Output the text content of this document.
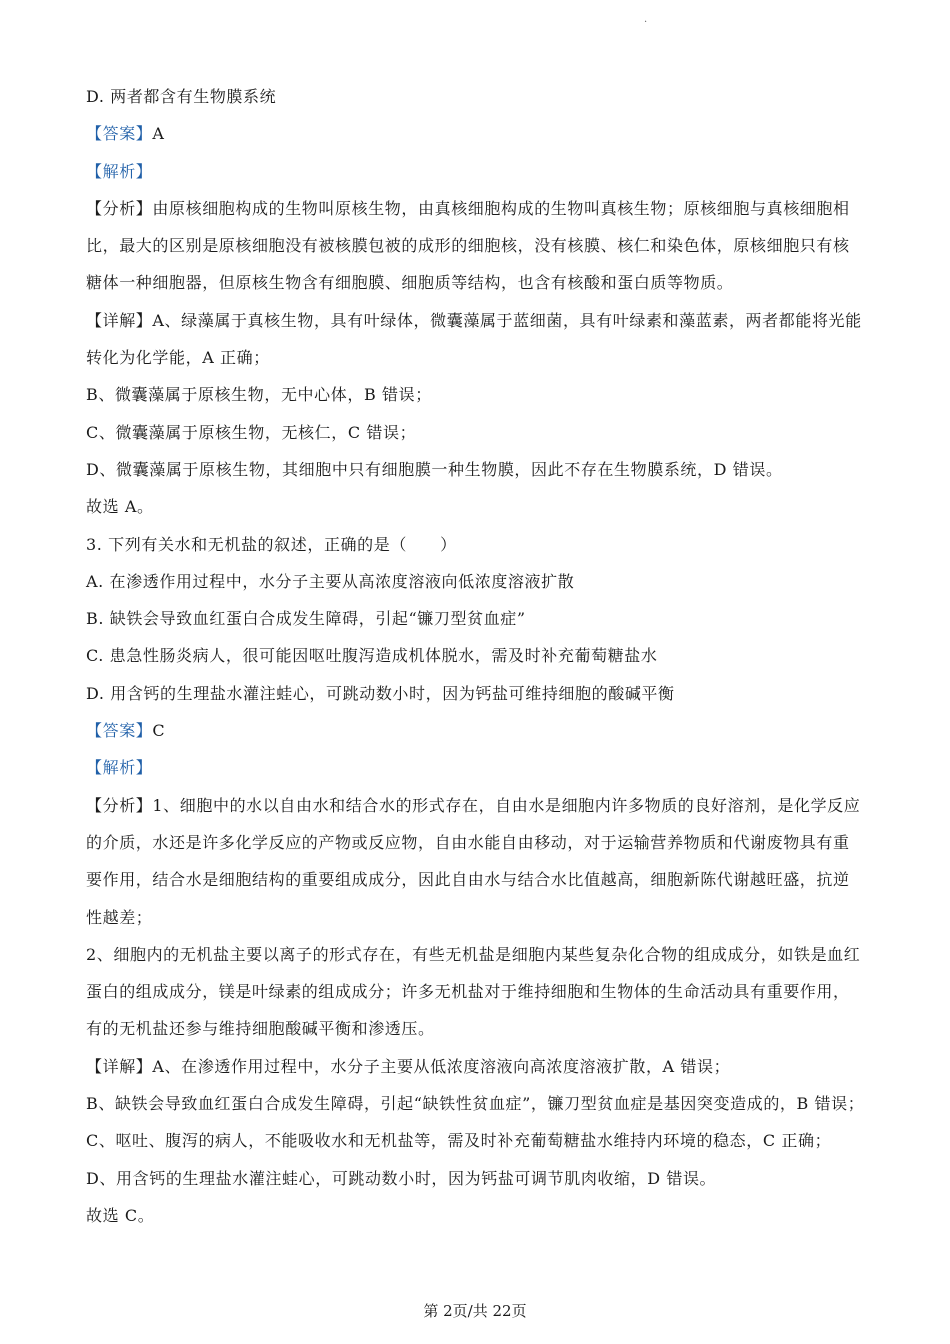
.
D. 两者都含有生物膜系统
【答案】A
【解析】
【分析】由原核细胞构成的生物叫原核生物，由真核细胞构成的生物叫真核生物；原核细胞与真核细胞相
比，最大的区别是原核细胞没有被核膜包被的成形的细胞核，没有核膜、核仁和染色体，原核细胞只有核
糖体一种细胞器，但原核生物含有细胞膜、细胞质等结构，也含有核酸和蛋白质等物质。
【详解】A、绿藻属于真核生物，具有叶绿体，微囊藻属于蓝细菌，具有叶绿素和藻蓝素，两者都能将光能
转化为化学能，A 正确；
B、微囊藻属于原核生物，无中心体，B 错误；
C、微囊藻属于原核生物，无核仁，C 错误；
D、微囊藻属于原核生物，其细胞中只有细胞膜一种生物膜，因此不存在生物膜系统，D 错误。
故选 A。
3. 下列有关水和无机盐的叙述，正确的是（　　）
A. 在渗透作用过程中，水分子主要从高浓度溶液向低浓度溶液扩散
B. 缺铁会导致血红蛋白合成发生障碍，引起“镰刀型贫血症”
C. 患急性肠炎病人，很可能因呕吐腹泻造成机体脱水，需及时补充葡萄糖盐水
D. 用含钙的生理盐水灌注蛙心，可跳动数小时，因为钙盐可维持细胞的酸碱平衡
【答案】C
【解析】
【分析】1、细胞中的水以自由水和结合水的形式存在，自由水是细胞内许多物质的良好溶剂，是化学反应
的介质，水还是许多化学反应的产物或反应物，自由水能自由移动，对于运输营养物质和代谢废物具有重
要作用，结合水是细胞结构的重要组成成分，因此自由水与结合水比值越高，细胞新陈代谢越旺盛，抗逆
性越差；
2、细胞内的无机盐主要以离子的形式存在，有些无机盐是细胞内某些复杂化合物的组成成分，如铁是血红
蛋白的组成成分，镁是叶绿素的组成成分；许多无机盐对于维持细胞和生物体的生命活动具有重要作用，
有的无机盐还参与维持细胞酸碱平衡和渗透压。
【详解】A、在渗透作用过程中，水分子主要从低浓度溶液向高浓度溶液扩散，A 错误；
B、缺铁会导致血红蛋白合成发生障碍，引起“缺铁性贫血症”，镰刀型贫血症是基因突变造成的，B 错误；
C、呕吐、腹泻的病人，不能吸收水和无机盐等，需及时补充葡萄糖盐水维持内环境的稳态，C 正确；
D、用含钙的生理盐水灌注蛙心，可跳动数小时，因为钙盐可调节肌肉收缩，D 错误。
故选 C。
第 2页/共 22页
